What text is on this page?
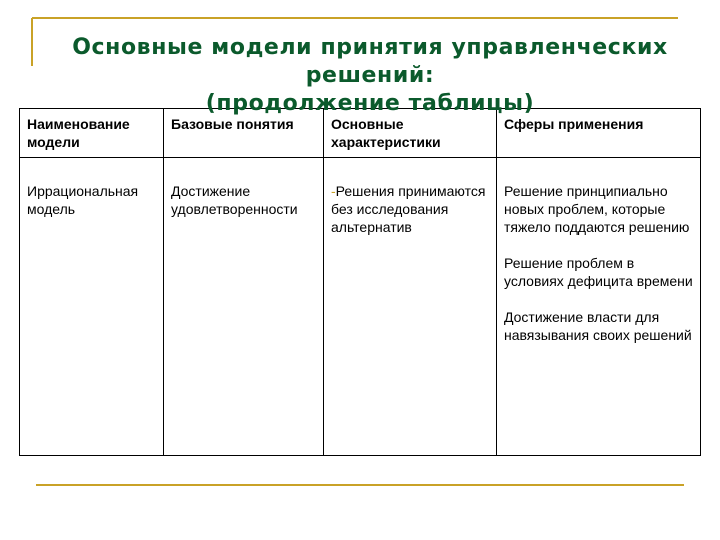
Наименование модели	Базовые понятия	Основные характеристики	Сферы применения
Иррациональная модель	Достижение удовлетворенности	-Решения принимаются без исследования альтернатив	Решение принципиально новых проблем, которые тяжело поддаются решению
Решение проблем в условиях дефицита времени
Достижение власти для навязывания своих решений
Основные модели принятия управленческих
решений:
(продолжение таблицы)
